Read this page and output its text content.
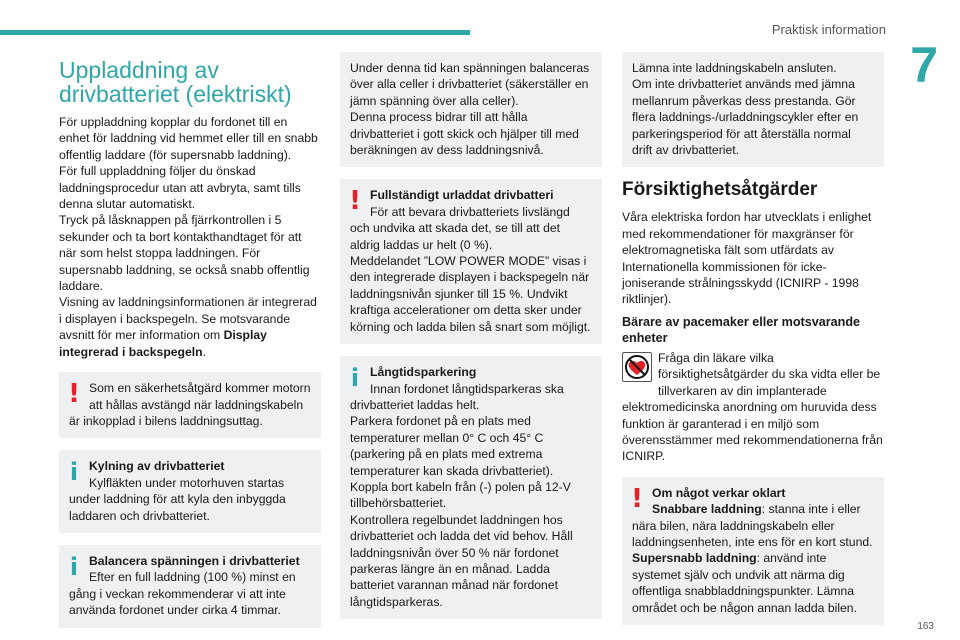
Praktisk information
7
Uppladdning av drivbatteriet (elektriskt)

För uppladdning kopplar du fordonet till en enhet för laddning vid hemmet eller till en snabb offentlig laddare (för supersnabb laddning).

För full uppladdning följer du önskad laddningsprocedur utan att avbryta, samt tills denna slutar automatiskt.

Tryck på låsknappen på fjärrkontrollen i 5 sekunder och ta bort kontakthandtaget för att när som helst stoppa laddningen. För supersnabb laddning, se också snabb offentlig laddare.

Visning av laddningsinformationen är integrerad i displayen i backspegeln. Se motsvarande avsnitt för mer information om Display integrerad i backspegeln.

! Som en säkerhetsåtgärd kommer motorn att hållas avstängd när laddningskabeln är inkopplad i bilens laddningsuttag.

i Kylning av drivbatteriet

Kylfläkten under motorhuven startas under laddning för att kyla den inbyggda laddaren och drivbatteriet.

i Balancera spänningen i drivbatteriet

Efter en full laddning (100 %) minst en gång i veckan rekommenderar vi att inte använda fordonet under cirka 4 timmar.

Under denna tid kan spänningen balanceras över alla celler i drivbatteriet (säkerställer en jämn spänning över alla celler).

Denna process bidrar till att hålla drivbatteriet i gott skick och hjälper till med beräkningen av dess laddningsnivå.

! Fullständigt urladdat drivbatteri

För att bevara drivbatteriets livslängd och undvika att skada det, se till att det aldrig laddas ur helt (0 %).

Meddelandet ”LOW POWER MODE” visas i den integrerade displayen i backspegeln när laddningsnivån sjunker till 15 %. Undvikt kraftiga accelerationer om detta sker under körning och ladda bilen så snart som möjligt.

i Långtidsparkering

Innan fordonet långtidsparkeras ska drivbatteriet laddas helt.

Parkera fordonet på en plats med temperaturer mellan 0° C och 45° C (parkering på en plats med extrema temperaturer kan skada drivbatteriet).

Koppla bort kabeln från (-) polen på 12-V tillbehörsbatteriet.

Kontrollera regelbundet laddningen hos drivbatteriet och ladda det vid behov. Håll laddningsnivån över 50 % när fordonet parkeras längre än en månad. Ladda batteriet varannan månad när fordonet långtidsparkeras.

Lämna inte laddningskabeln ansluten.

Om inte drivbatteriet används med jämna mellanrum påverkas dess prestanda. Gör flera laddnings-/urladdningscykler efter en parkeringsperiod för att återställa normal drift av drivbatteriet.

Försiktighetsåtgärder

Våra elektriska fordon har utvecklats i enlighet med rekommendationer för maxgränser för elektromagnetiska fält som utfärdats av Internationella kommissionen för icke-joniserande strålningsskydd (ICNIRP - 1998 riktlinjer).

Bärare av pacemaker eller motsvarande enheter

Fråga din läkare vilka försiktighetsåtgärder du ska vidta eller be tillverkaren av din implanterade elektromedicinska anordning om huruvida dess funktion är garanterad i en miljö som överensstämmer med rekommendationerna från ICNIRP.

! Om något verkar oklart

Snabbare laddning: stanna inte i eller nära bilen, nära laddningskabeln eller laddningsenheten, inte ens för en kort stund.

Supersnabb laddning: använd inte systemet själv och undvik att närma dig offentliga snabbladdningspunkter. Lämna området och be någon annan ladda bilen.

163
